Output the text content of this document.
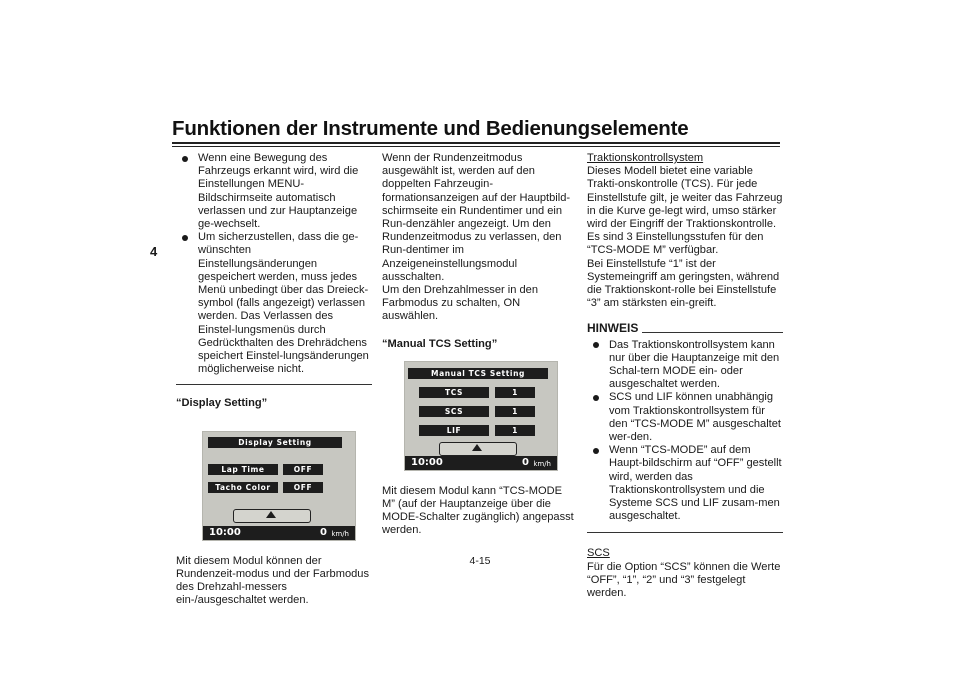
Funktionen der Instrumente und Bedienungselemente
4
Wenn eine Bewegung des Fahrzeugs erkannt wird, wird die Einstellungen MENU-Bildschirmseite automatisch verlassen und zur Hauptanzeige ge-wechselt.
Um sicherzustellen, dass die ge-wünschten Einstellungsänderungen gespeichert werden, muss jedes Menü unbedingt über das Dreieck-symbol (falls angezeigt) verlassen werden. Das Verlassen des Einstel-lungsmenüs durch Gedrückthalten des Drehrädchens speichert Einstel-lungsänderungen möglicherweise nicht.

“Display Setting”

Display Setting
Lap Time	OFF
Tacho Color	OFF
10:00	0 km/h

Mit diesem Modul können der Rundenzeit-modus und der Farbmodus des Drehzahl-messers ein-/ausgeschaltet werden.

Wenn der Rundenzeitmodus ausgewählt ist, werden auf den doppelten Fahrzeugin-formationsanzeigen auf der Hauptbild-schirmseite ein Rundentimer und ein Run-denzähler angezeigt. Um den Rundenzeitmodus zu verlassen, den Run-dentimer im Anzeigeneinstellungsmodul ausschalten.

Um den Drehzahlmesser in den Farbmodus zu schalten, ON auswählen.

“Manual TCS Setting”

Manual TCS Setting
TCS	1
SCS	1
LIF	1
10:00	0 km/h

Mit diesem Modul kann “TCS-MODE M” (auf der Hauptanzeige über die MODE-Schalter zugänglich) angepasst werden.

Traktionskontrollsystem

Dieses Modell bietet eine variable Trakti-onskontrolle (TCS). Für jede Einstellstufe gilt, je weiter das Fahrzeug in die Kurve ge-legt wird, umso stärker wird der Eingriff der Traktionskontrolle.

Es sind 3 Einstellungsstufen für den “TCS-MODE M” verfügbar.

Bei Einstellstufe “1” ist der Systemeingriff am geringsten, während die Traktionskont-rolle bei Einstellstufe “3” am stärksten ein-greift.

HINWEIS
Das Traktionskontrollsystem kann nur über die Hauptanzeige mit den Schal-tern MODE ein- oder ausgeschaltet werden.
SCS und LIF können unabhängig vom Traktionskontrollsystem für den “TCS-MODE M” ausgeschaltet wer-den.
Wenn “TCS-MODE” auf dem Haupt-bildschirm auf “OFF” gestellt wird, werden das Traktionskontrollsystem und die Systeme SCS und LIF zusam-men ausgeschaltet.

SCS

Für die Option “SCS” können die Werte “OFF”, “1”, “2” und “3” festgelegt werden.

4-15
